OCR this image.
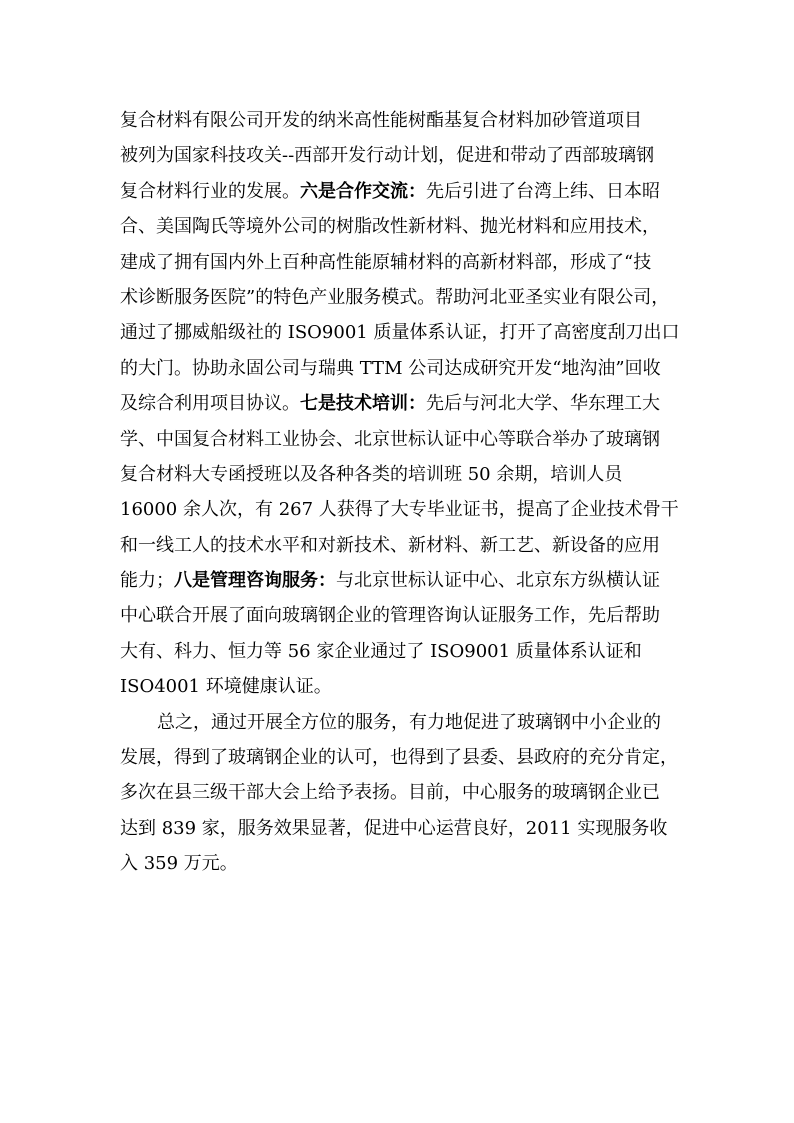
复合材料有限公司开发的纳米高性能树酯基复合材料加砂管道项目
被列为国家科技攻关--西部开发行动计划，促进和带动了西部玻璃钢
复合材料行业的发展。六是合作交流：先后引进了台湾上纬、日本昭
合、美国陶氏等境外公司的树脂改性新材料、抛光材料和应用技术，
建成了拥有国内外上百种高性能原辅材料的高新材料部，形成了“技
术诊断服务医院”的特色产业服务模式。帮助河北亚圣实业有限公司，
通过了挪威船级社的 ISO9001 质量体系认证，打开了高密度刮刀出口
的大门。协助永固公司与瑞典 TTM 公司达成研究开发“地沟油”回收
及综合利用项目协议。七是技术培训：先后与河北大学、华东理工大
学、中国复合材料工业协会、北京世标认证中心等联合举办了玻璃钢
复合材料大专函授班以及各种各类的培训班 50 余期，培训人员
16000 余人次，有 267 人获得了大专毕业证书，提高了企业技术骨干
和一线工人的技术水平和对新技术、新材料、新工艺、新设备的应用
能力；八是管理咨询服务：与北京世标认证中心、北京东方纵横认证
中心联合开展了面向玻璃钢企业的管理咨询认证服务工作，先后帮助
大有、科力、恒力等 56 家企业通过了 ISO9001 质量体系认证和
ISO4001 环境健康认证。
总之，通过开展全方位的服务，有力地促进了玻璃钢中小企业的
发展，得到了玻璃钢企业的认可，也得到了县委、县政府的充分肯定，
多次在县三级干部大会上给予表扬。目前，中心服务的玻璃钢企业已
达到 839 家，服务效果显著，促进中心运营良好，2011 实现服务收
入 359 万元。
